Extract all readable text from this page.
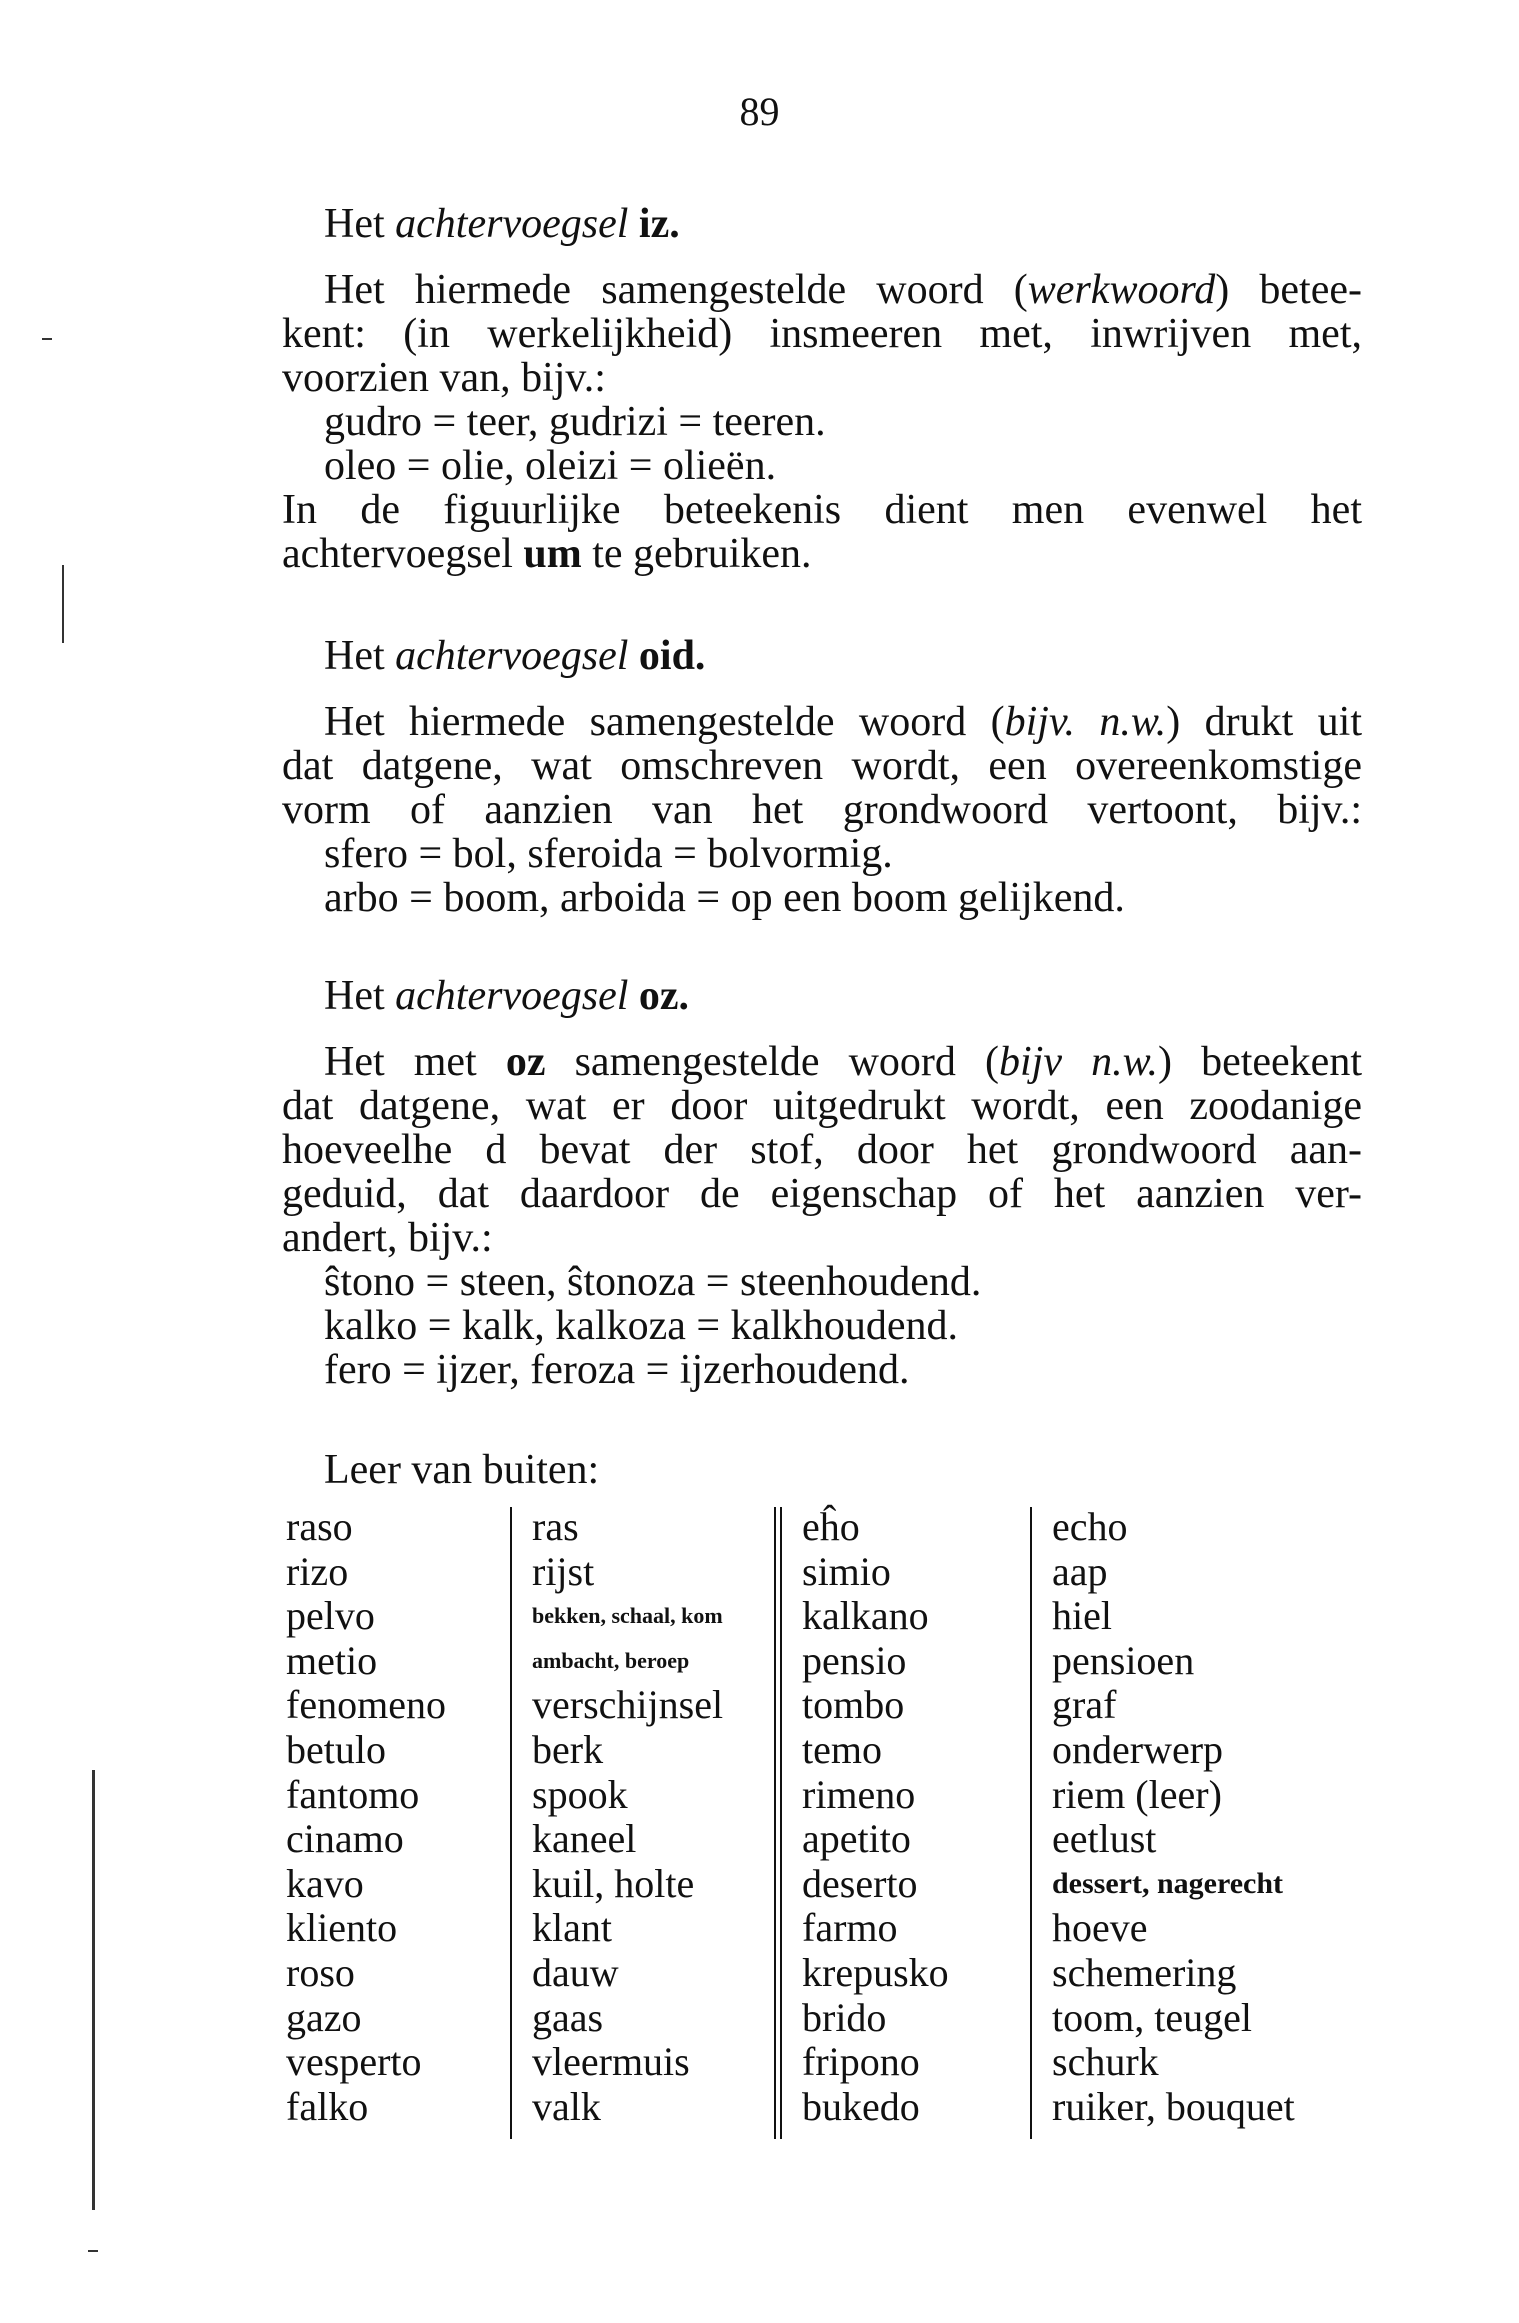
89
Het achtervoegsel iz.
Het hiermede samengestelde woord (werkwoord) betee-
kent: (in werkelijkheid) insmeeren met, inwrijven met,
voorzien van, bijv.:
gudro = teer, gudrizi = teeren.
oleo = olie, oleizi = olieën.
In de figuurlijke beteekenis dient men evenwel het
achtervoegsel um te gebruiken.
Het achtervoegsel oid.
Het hiermede samengestelde woord (bijv. n.w.) drukt uit
dat datgene, wat omschreven wordt, een overeenkomstige
vorm of aanzien van het grondwoord vertoont, bijv.:
sfero = bol, sferoida = bolvormig.
arbo = boom, arboida = op een boom gelijkend.
Het achtervoegsel oz.
Het met oz samengestelde woord (bijv n.w.) beteekent
dat datgene, wat er door uitgedrukt wordt, een zoodanige
hoeveelhe d bevat der stof, door het grondwoord aan-
geduid, dat daardoor de eigenschap of het aanzien ver-
andert, bijv.:
ŝtono = steen, ŝtonoza = steenhoudend.
kalko = kalk, kalkoza = kalkhoudend.
fero = ijzer, feroza = ijzerhoudend.
Leer van buiten:
raso
rizo
pelvo
metio
fenomeno
betulo
fantomo
cinamo
kavo
kliento
roso
gazo
vesperto
falko
ras
rijst
bekken, schaal, kom
ambacht, beroep
verschijnsel
berk
spook
kaneel
kuil, holte
klant
dauw
gaas
vleermuis
valk
eĥo
simio
kalkano
pensio
tombo
temo
rimeno
apetito
deserto
farmo
krepusko
brido
fripono
bukedo
echo
aap
hiel
pensioen
graf
onderwerp
riem (leer)
eetlust
dessert, nagerecht
hoeve
schemering
toom, teugel
schurk
ruiker, bouquet
